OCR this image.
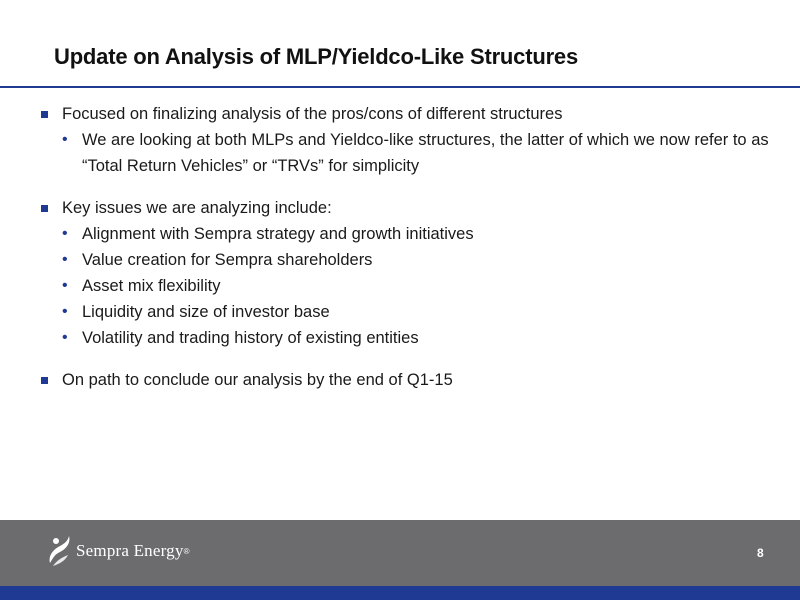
Update on Analysis of MLP/Yieldco-Like Structures
Focused on finalizing analysis of the pros/cons of different structures
• We are looking at both MLPs and Yieldco-like structures, the latter of which we now refer to as “Total Return Vehicles” or “TRVs” for simplicity
Key issues we are analyzing include:
• Alignment with Sempra strategy and growth initiatives
• Value creation for Sempra shareholders
• Asset mix flexibility
• Liquidity and size of investor base
• Volatility and trading history of existing entities
On path to conclude our analysis by the end of Q1-15
Sempra Energy ®	8
